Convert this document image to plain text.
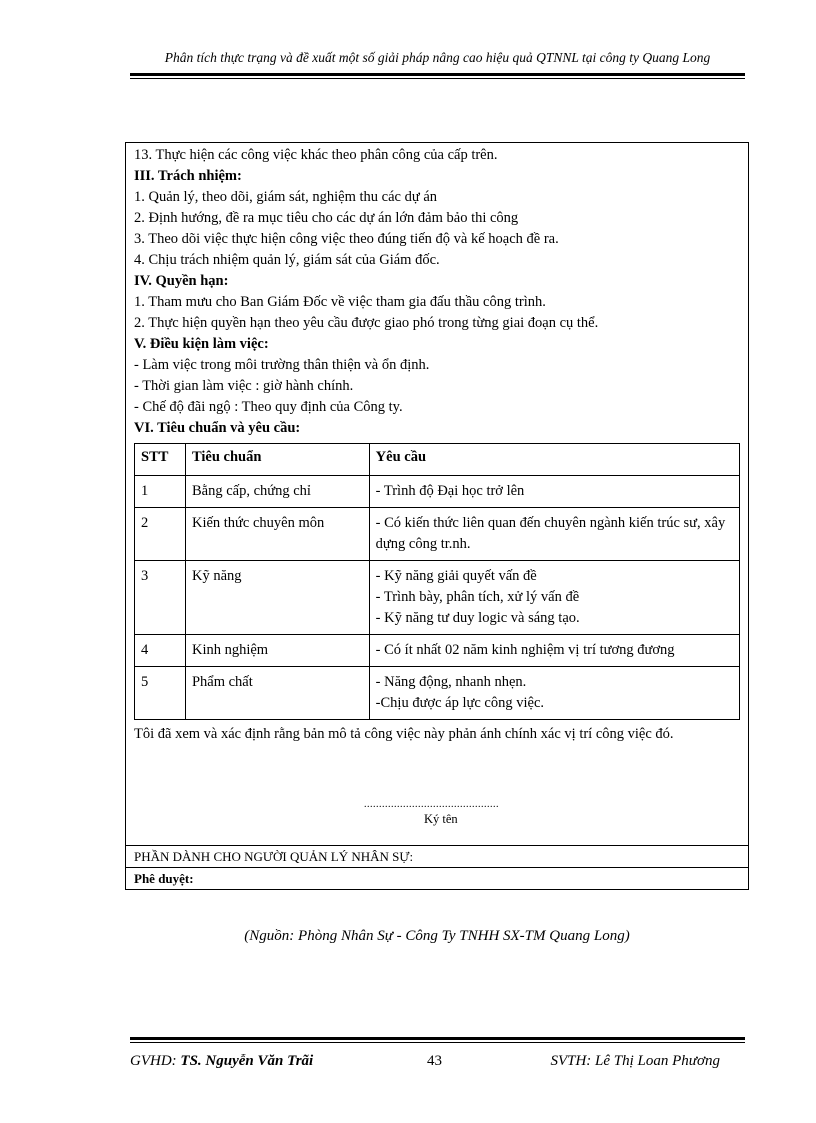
Phân tích thực trạng và đề xuất một số giải pháp nâng cao hiệu quả QTNNL tại công ty Quang Long

13. Thực hiện các công việc khác theo phân công của cấp trên.

III. Trách nhiệm:

1. Quản lý, theo dõi, giám sát, nghiệm thu các dự án

2. Định hướng, đề ra mục tiêu cho các dự án lớn đảm bảo thi công

3. Theo dõi việc thực hiện công việc theo đúng tiến độ và kế hoạch đề ra.

4. Chịu trách nhiệm quản lý, giám sát của Giám đốc.

IV. Quyền hạn:

1. Tham mưu cho Ban Giám Đốc về việc tham gia đấu thầu công trình.

2. Thực hiện quyền hạn theo yêu cầu được giao phó trong từng giai đoạn cụ thể.

V. Điều kiện làm việc:

- Làm việc trong môi trường thân thiện và ổn định.

- Thời gian làm việc : giờ hành chính.

- Chế độ đãi ngộ : Theo quy định của Công ty.

VI. Tiêu chuẩn và yêu cầu:

STT	Tiêu chuẩn	Yêu cầu
1	Bằng cấp, chứng chỉ	- Trình độ Đại học trở lên

2	Kiến thức chuyên môn	- Có kiến thức liên quan đến chuyên ngành kiến trúc sư, xây dựng công tr.nh.

3	Kỹ năng	- Kỹ năng giải quyết vấn đề
- Trình bày, phân tích, xử lý vấn đề
- Kỹ năng tư duy logic và sáng tạo.

4	Kinh nghiệm	- Có ít nhất 02 năm kinh nghiệm vị trí tương đương

5	Phẩm chất	- Năng động, nhanh nhẹn.
-Chịu được áp lực công việc.

Tôi đã xem và xác định rằng bản mô tả công việc này phản ánh chính xác vị trí công việc đó.

.............................................
Ký tên
PHẦN DÀNH CHO NGƯỜI QUẢN LÝ NHÂN SỰ:
Phê duyệt:
(Nguồn: Phòng Nhân Sự - Công Ty TNHH SX-TM Quang Long)
GVHD: TS. Nguyễn Văn Trãi	43	SVTH: Lê Thị Loan Phương
